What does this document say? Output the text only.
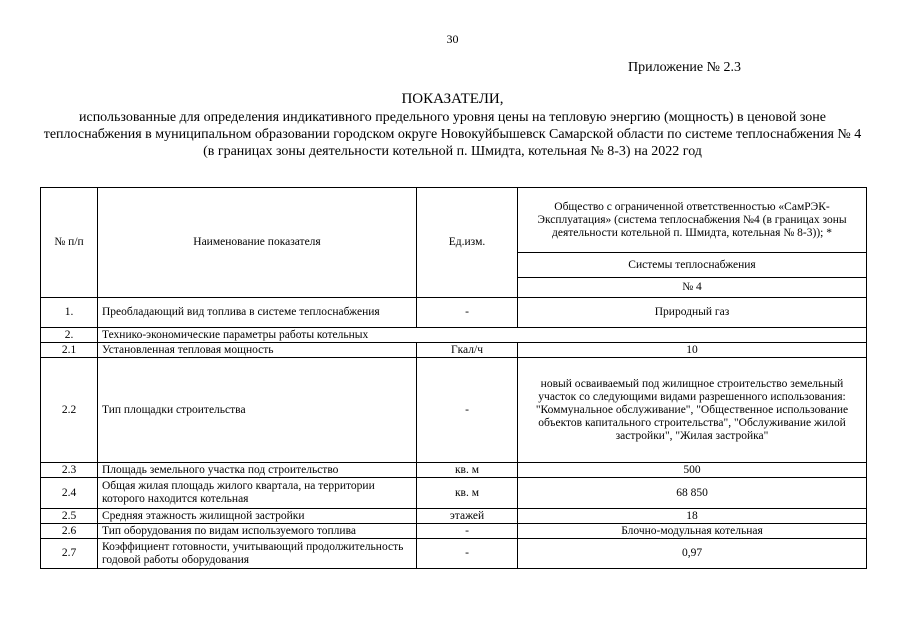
30
Приложение № 2.3
ПОКАЗАТЕЛИ,
использованные для определения индикативного предельного уровня цены на тепловую энергию (мощность) в ценовой зоне теплоснабжения в муниципальном образовании городском округе Новокуйбышевск Самарской области по системе теплоснабжения № 4 (в границах зоны деятельности котельной п. Шмидта, котельная № 8-3) на 2022 год
№ п/п	Наименование показателя	Ед.изм.	Общество с ограниченной ответственностью «СамРЭК-Эксплуатация» (система теплоснабжения №4 (в границах зоны деятельности котельной п. Шмидта, котельная № 8-3)); *
			Системы теплоснабжения
			№ 4
1.	Преобладающий вид топлива в системе теплоснабжения	-	Природный газ
2.	Технико-экономические параметры работы котельных		
2.1	Установленная тепловая мощность	Гкал/ч	10
2.2	Тип площадки строительства	-	новый осваиваемый под жилищное строительство земельный участок со следующими видами разрешенного использования: "Коммунальное обслуживание", "Общественное использование объектов капитального строительства", "Обслуживание жилой застройки", "Жилая застройка"
2.3	Площадь земельного участка под строительство	кв. м	500
2.4	Общая жилая площадь жилого квартала, на территории которого находится котельная	кв. м	68 850
2.5	Средняя этажность жилищной застройки	этажей	18
2.6	Тип оборудования по видам используемого топлива	-	Блочно-модульная котельная
2.7	Коэффициент готовности, учитывающий продолжительность годовой работы оборудования	-	0,97
